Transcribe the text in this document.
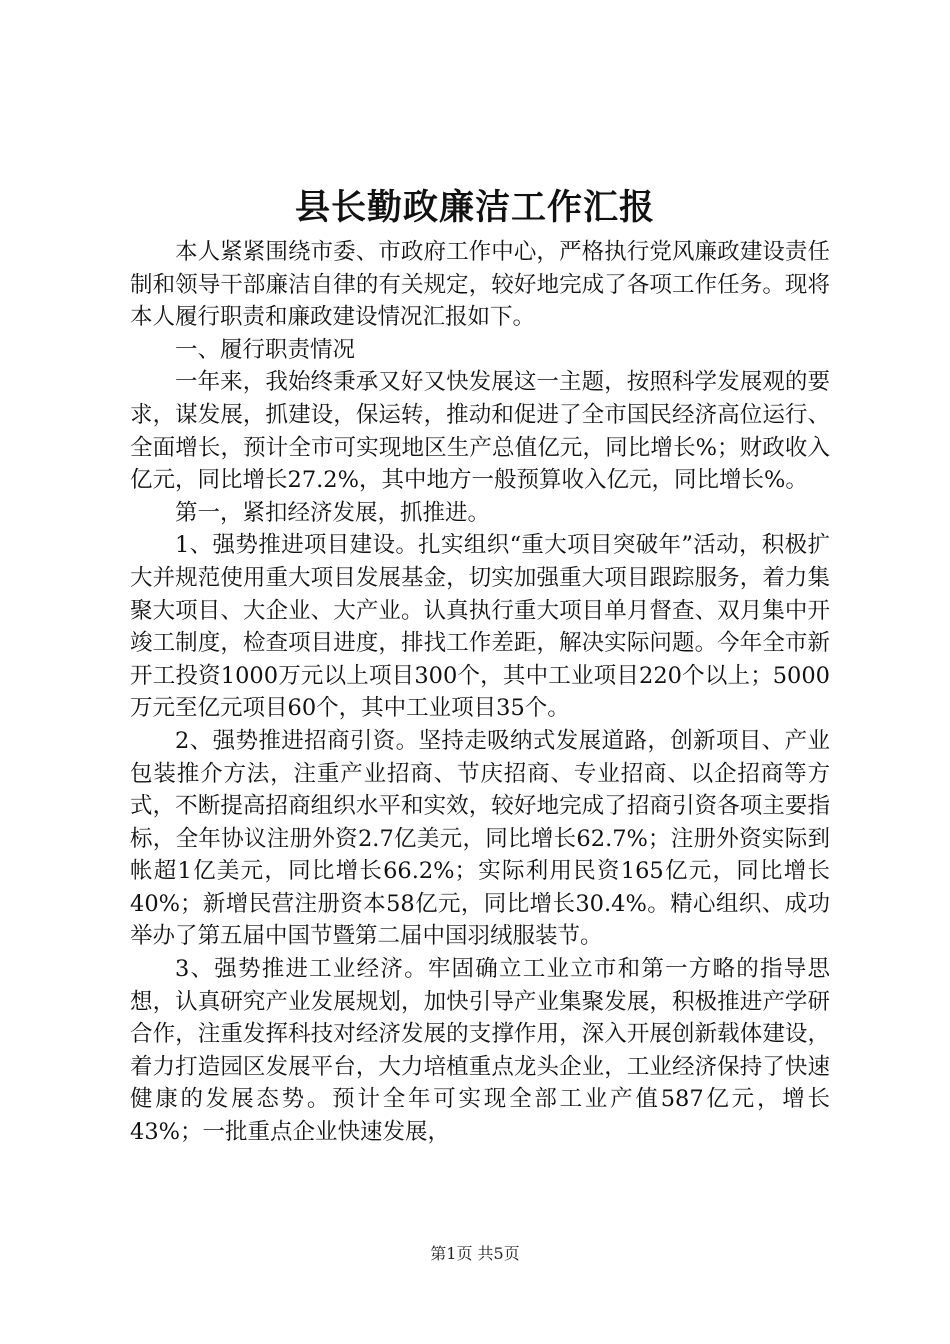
县长勤政廉洁工作汇报

本人紧紧围绕市委、市政府工作中心，严格执行党风廉政建设责任制和领导干部廉洁自律的有关规定，较好地完成了各项工作任务。现将本人履行职责和廉政建设情况汇报如下。

一、履行职责情况

一年来，我始终秉承又好又快发展这一主题，按照科学发展观的要求，谋发展，抓建设，保运转，推动和促进了全市国民经济高位运行、全面增长，预计全市可实现地区生产总值亿元，同比增长%；财政收入亿元，同比增长27.2%，其中地方一般预算收入亿元，同比增长%。

第一，紧扣经济发展，抓推进。

1、强势推进项目建设。扎实组织“重大项目突破年”活动，积极扩大并规范使用重大项目发展基金，切实加强重大项目跟踪服务，着力集聚大项目、大企业、大产业。认真执行重大项目单月督查、双月集中开竣工制度，检查项目进度，排找工作差距，解决实际问题。今年全市新开工投资1000万元以上项目300个，其中工业项目220个以上；5000万元至亿元项目60个，其中工业项目35个。

2、强势推进招商引资。坚持走吸纳式发展道路，创新项目、产业包装推介方法，注重产业招商、节庆招商、专业招商、以企招商等方式，不断提高招商组织水平和实效，较好地完成了招商引资各项主要指标，全年协议注册外资2.7亿美元，同比增长62.7%；注册外资实际到帐超1亿美元，同比增长66.2%；实际利用民资165亿元，同比增长40%；新增民营注册资本58亿元，同比增长30.4%。精心组织、成功举办了第五届中国节暨第二届中国羽绒服装节。

3、强势推进工业经济。牢固确立工业立市和第一方略的指导思想，认真研究产业发展规划，加快引导产业集聚发展，积极推进产学研合作，注重发挥科技对经济发展的支撑作用，深入开展创新载体建设，着力打造园区发展平台，大力培植重点龙头企业，工业经济保持了快速健康的发展态势。预计全年可实现全部工业产值587亿元，增长43%；一批重点企业快速发展，

第1页 共5页
